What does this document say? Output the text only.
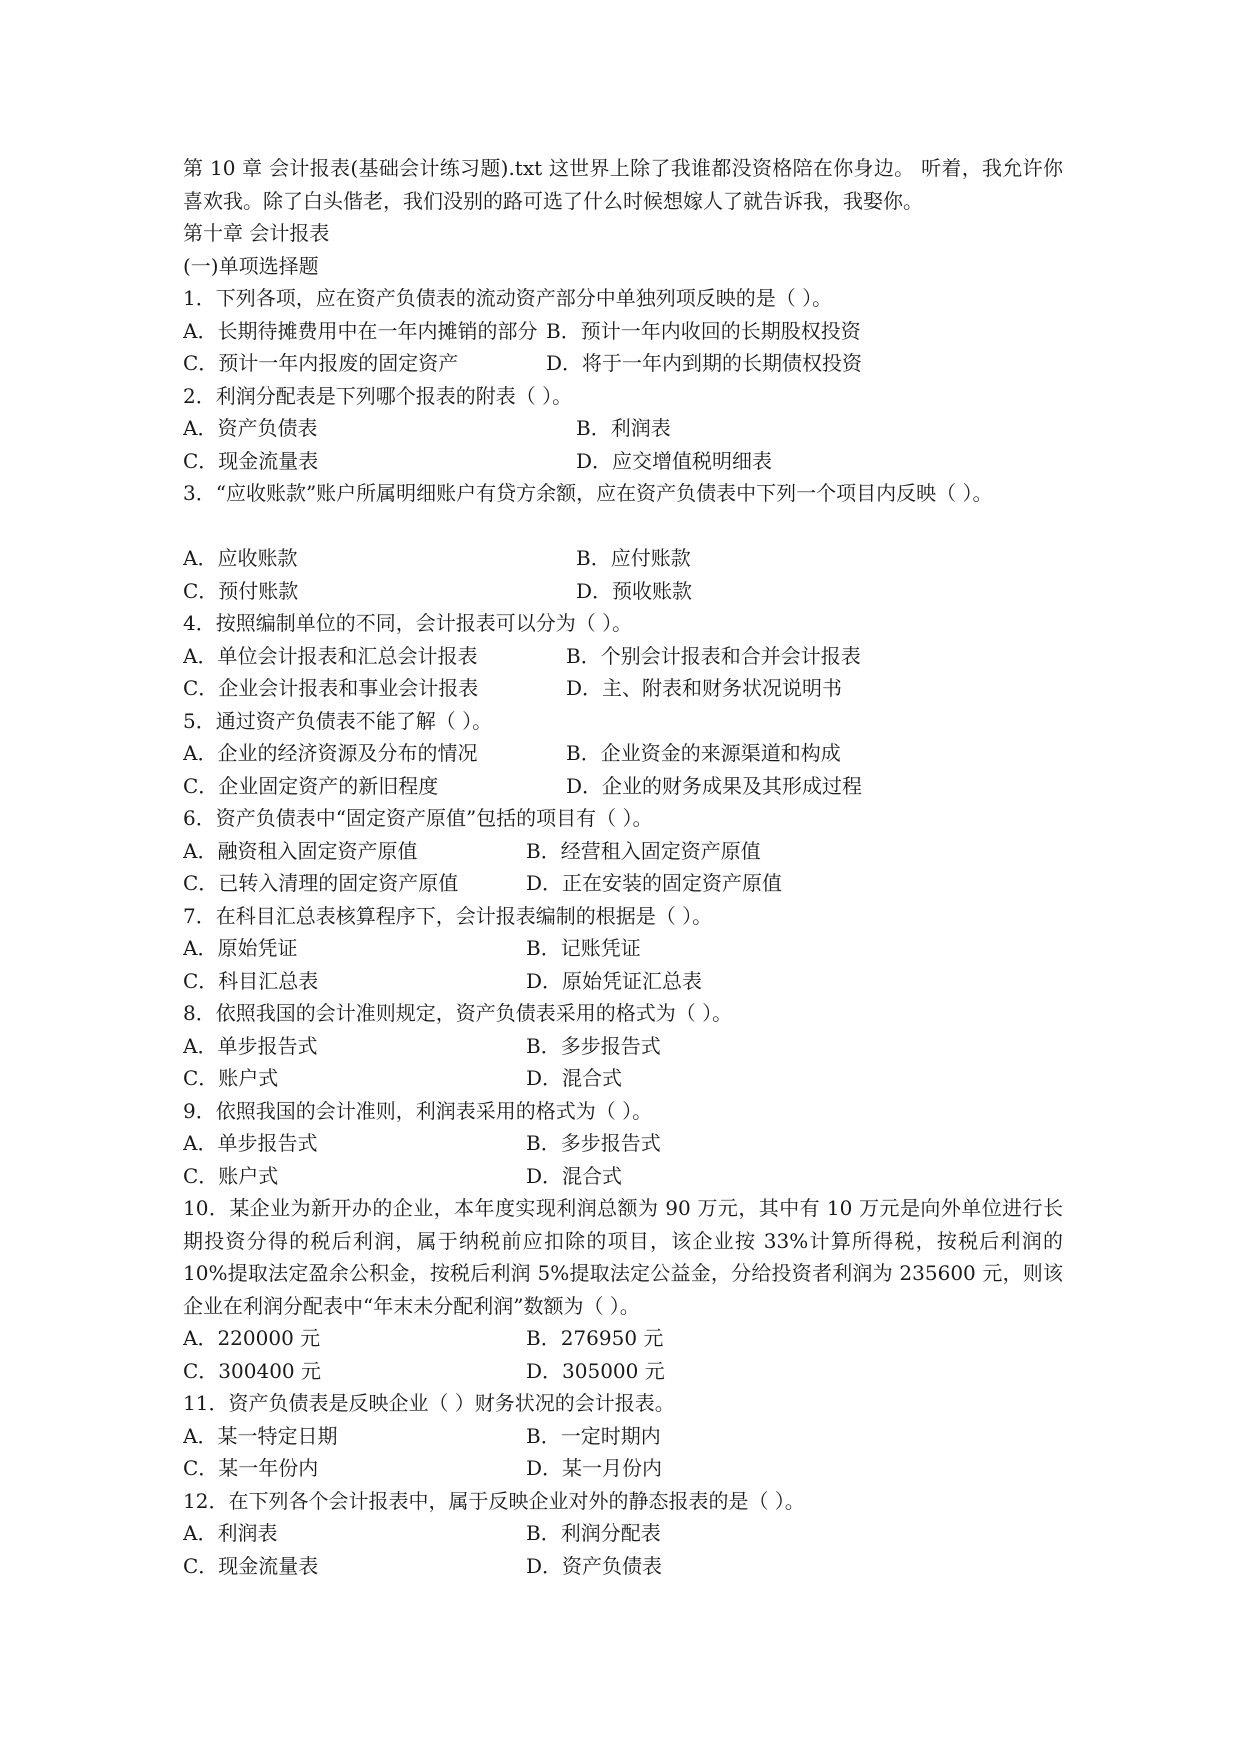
第 10 章 会计报表(基础会计练习题).txt 这世界上除了我谁都没资格陪在你身边。 听着，我允许你喜欢我。除了白头偕老，我们没别的路可选了什么时候想嫁人了就告诉我，我娶你。
第十章 会计报表
(一)单项选择题
1．下列各项，应在资产负债表的流动资产部分中单独列项反映的是（ ）。
A．长期待摊费用中在一年内摊销的部分 B．预计一年内收回的长期股权投资
C．预计一年内报废的固定资产	D．将于一年内到期的长期债权投资
2．利润分配表是下列哪个报表的附表（ ）。
A．资产负债表	B．利润表
C．现金流量表	D．应交增值税明细表
3．“应收账款”账户所属明细账户有贷方余额，应在资产负债表中下列一个项目内反映（ ）。
A．应收账款	B．应付账款
C．预付账款	D．预收账款
4．按照编制单位的不同，会计报表可以分为（ ）。
A．单位会计报表和汇总会计报表	B．个别会计报表和合并会计报表
C．企业会计报表和事业会计报表	D．主、附表和财务状况说明书
5．通过资产负债表不能了解（ ）。
A．企业的经济资源及分布的情况	B．企业资金的来源渠道和构成
C．企业固定资产的新旧程度	D．企业的财务成果及其形成过程
6．资产负债表中“固定资产原值”包括的项目有（ ）。
A．融资租入固定资产原值	B．经营租入固定资产原值
C．已转入清理的固定资产原值	D．正在安装的固定资产原值
7．在科目汇总表核算程序下，会计报表编制的根据是（ ）。
A．原始凭证	B．记账凭证
C．科目汇总表	D．原始凭证汇总表
8．依照我国的会计准则规定，资产负债表采用的格式为（ ）。
A．单步报告式	B．多步报告式
C．账户式	D．混合式
9．依照我国的会计准则，利润表采用的格式为（ ）。
A．单步报告式	B．多步报告式
C．账户式	D．混合式
10．某企业为新开办的企业，本年度实现利润总额为 90 万元，其中有 10 万元是向外单位进行长期投资分得的税后利润，属于纳税前应扣除的项目，该企业按 33%计算所得税，按税后利润的 10%提取法定盈余公积金，按税后利润 5%提取法定公益金，分给投资者利润为 235600 元，则该企业在利润分配表中“年末未分配利润”数额为（ ）。
A．220000 元	B．276950 元
C．300400 元	D．305000 元
11．资产负债表是反映企业（ ）财务状况的会计报表。
A．某一特定日期	B．一定时期内
C．某一年份内	D．某一月份内
12．在下列各个会计报表中，属于反映企业对外的静态报表的是（ ）。
A．利润表	B．利润分配表
C．现金流量表	D．资产负债表
